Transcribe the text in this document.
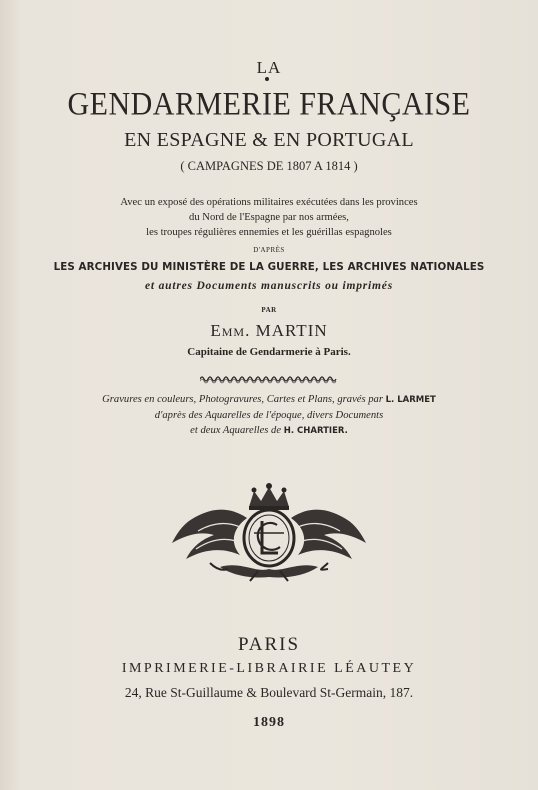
LA
GENDARMERIE FRANÇAISE
EN ESPAGNE & EN PORTUGAL
( CAMPAGNES DE 1807 A 1814 )
Avec un exposé des opérations militaires exécutées dans les provinces
du Nord de l'Espagne par nos armées,
les troupes régulières ennemies et les guérillas espagnoles
D'APRÈS
LES ARCHIVES DU MINISTÈRE DE LA GUERRE, LES ARCHIVES NATIONALES
et autres Documents manuscrits ou imprimés
PAR
Emm. MARTIN
Capitaine de Gendarmerie à Paris.
Gravures en couleurs, Photogravures, Cartes et Plans, gravés par L. LARMET
d'après des Aquarelles de l'époque, divers Documents
et deux Aquarelles de H. CHARTIER.
PARIS
IMPRIMERIE-LIBRAIRIE LÉAUTEY
24, Rue St-Guillaume & Boulevard St-Germain, 187.
1898
